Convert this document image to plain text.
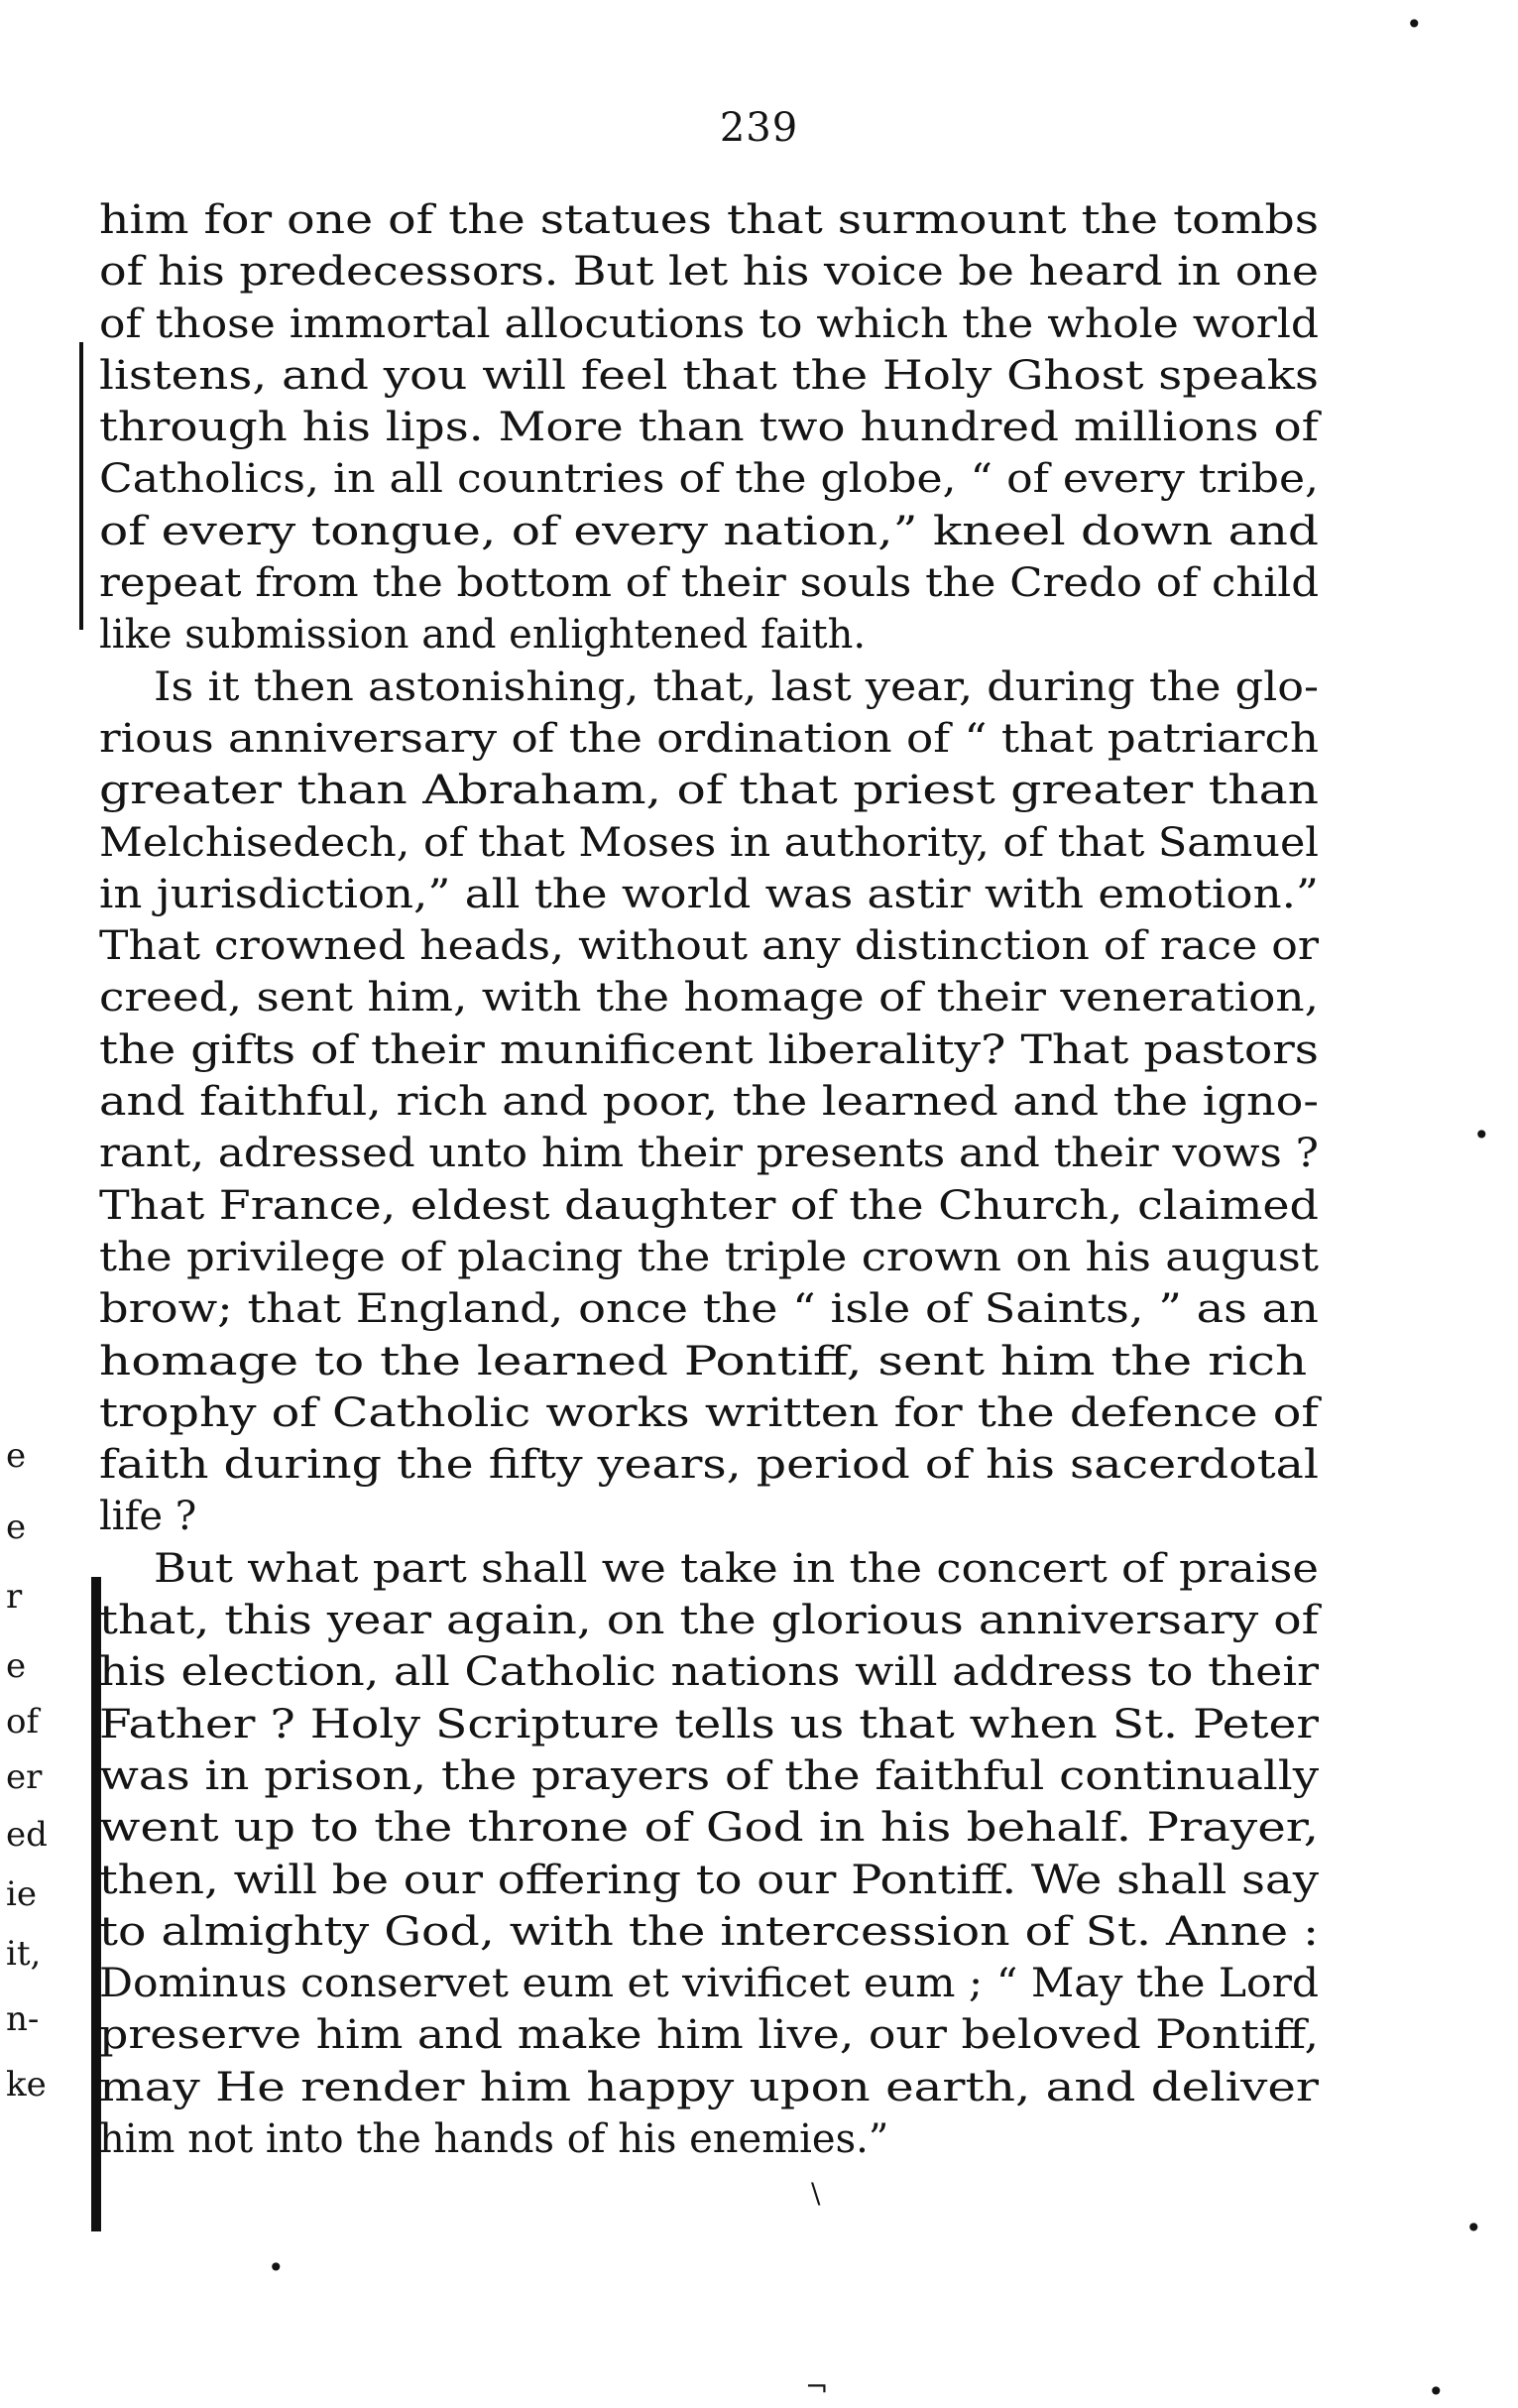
239
e
e
r
e
of
er
ed
ie
it,
n-
ke
him for one of the statues that surmount the tombs
of his predecessors. But let his voice be heard in one
of those immortal allocutions to which the whole world
listens, and you will feel that the Holy Ghost speaks
through his lips. More than two hundred millions of
Catholics, in all countries of the globe, “ of every tribe,
of every tongue, of every nation,” kneel down and
repeat from the bottom of their souls the Credo of child
like submission and enlightened faith.
Is it then astonishing, that, last year, during the glo-
rious anniversary of the ordination of “ that patriarch
greater than Abraham, of that priest greater than
Melchisedech, of that Moses in authority, of that Samuel
in jurisdiction,” all the world was astir with emotion.”
That crowned heads, without any distinction of race or
creed, sent him, with the homage of their veneration,
the gifts of their munificent liberality? That pastors
and faithful, rich and poor, the learned and the igno-
rant, adressed unto him their presents and their vows ?
That France, eldest daughter of the Church, claimed
the privilege of placing the triple crown on his august
brow; that England, once the “ isle of Saints, ” as an
homage to the learned Pontiff, sent him the rich
trophy of Catholic works written for the defence of
faith during the fifty years, period of his sacerdotal
life ?
But what part shall we take in the concert of praise
that, this year again, on the glorious anniversary of
his election, all Catholic nations will address to their
Father ? Holy Scripture tells us that when St. Peter
was in prison, the prayers of the faithful continually
went up to the throne of God in his behalf. Prayer,
then, will be our offering to our Pontiff. We shall say
to almighty God, with the intercession of St. Anne :
Dominus conservet eum et vivificet eum ; “ May the Lord
preserve him and make him live, our beloved Pontiff,
may He render him happy upon earth, and deliver
him not into the hands of his enemies.”
•
•
•
\
¬
•
•
